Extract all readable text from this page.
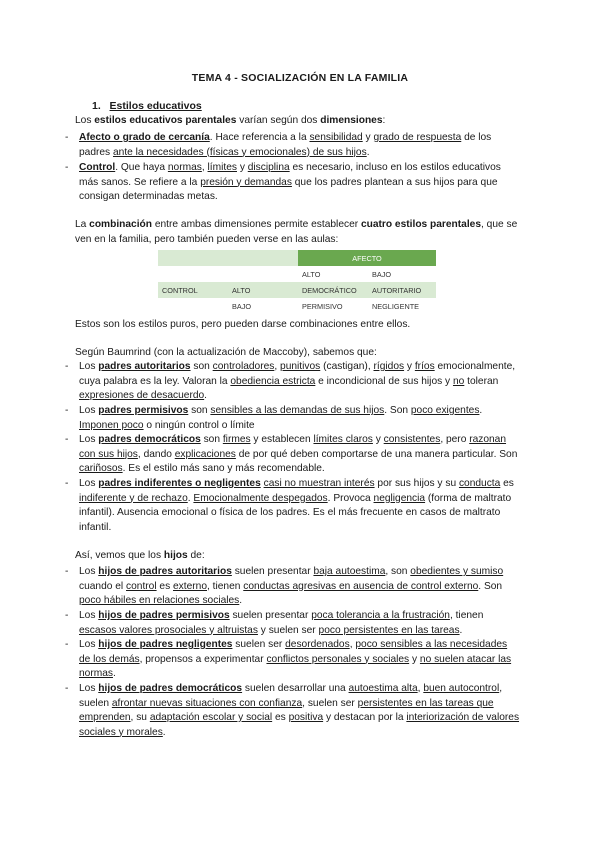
TEMA 4 - SOCIALIZACIÓN EN LA FAMILIA
1. Estilos educativos
Los estilos educativos parentales varían según dos dimensiones:
- Afecto o grado de cercanía. Hace referencia a la sensibilidad y grado de respuesta de los padres ante la necesidades (físicas y emocionales) de sus hijos.
- Control. Que haya normas, límites y disciplina es necesario, incluso en los estilos educativos más sanos. Se refiere a la presión y demandas que los padres plantean a sus hijos para que consigan determinadas metas.
La combinación entre ambas dimensiones permite establecer cuatro estilos parentales, que se ven en la familia, pero también pueden verse en las aulas:
		AFECTO	
		ALTO	BAJO
CONTROL	ALTO	DEMOCRÁTICO	AUTORITARIO
	BAJO	PERMISIVO	NEGLIGENTE
Estos son los estilos puros, pero pueden darse combinaciones entre ellos.
Según Baumrind (con la actualización de Maccoby), sabemos que:
- Los padres autoritarios son controladores, punitivos (castigan), rígidos y fríos emocionalmente, cuya palabra es la ley. Valoran la obediencia estricta e incondicional de sus hijos y no toleran expresiones de desacuerdo.
- Los padres permisivos son sensibles a las demandas de sus hijos. Son poco exigentes. Imponen poco o ningún control o límite
- Los padres democráticos son firmes y establecen límites claros y consistentes, pero razonan con sus hijos, dando explicaciones de por qué deben comportarse de una manera particular. Son cariñosos. Es el estilo más sano y más recomendable.
- Los padres indiferentes o negligentes casi no muestran interés por sus hijos y su conducta es indiferente y de rechazo. Emocionalmente despegados. Provoca negligencia (forma de maltrato infantil). Ausencia emocional o física de los padres. Es el más frecuente en casos de maltrato infantil.
Así, vemos que los hijos de:
- Los hijos de padres autoritarios suelen presentar baja autoestima, son obedientes y sumiso cuando el control es externo, tienen conductas agresivas en ausencia de control externo. Son poco hábiles en relaciones sociales.
- Los hijos de padres permisivos suelen presentar poca tolerancia a la frustración, tienen escasos valores prosociales y altruistas y suelen ser poco persistentes en las tareas.
- Los hijos de padres negligentes suelen ser desordenados, poco sensibles a las necesidades de los demás, propensos a experimentar conflictos personales y sociales y no suelen atacar las normas.
- Los hijos de padres democráticos suelen desarrollar una autoestima alta, buen autocontrol, suelen afrontar nuevas situaciones con confianza, suelen ser persistentes en las tareas que emprenden, su adaptación escolar y social es positiva y destacan por la interiorización de valores sociales y morales.
